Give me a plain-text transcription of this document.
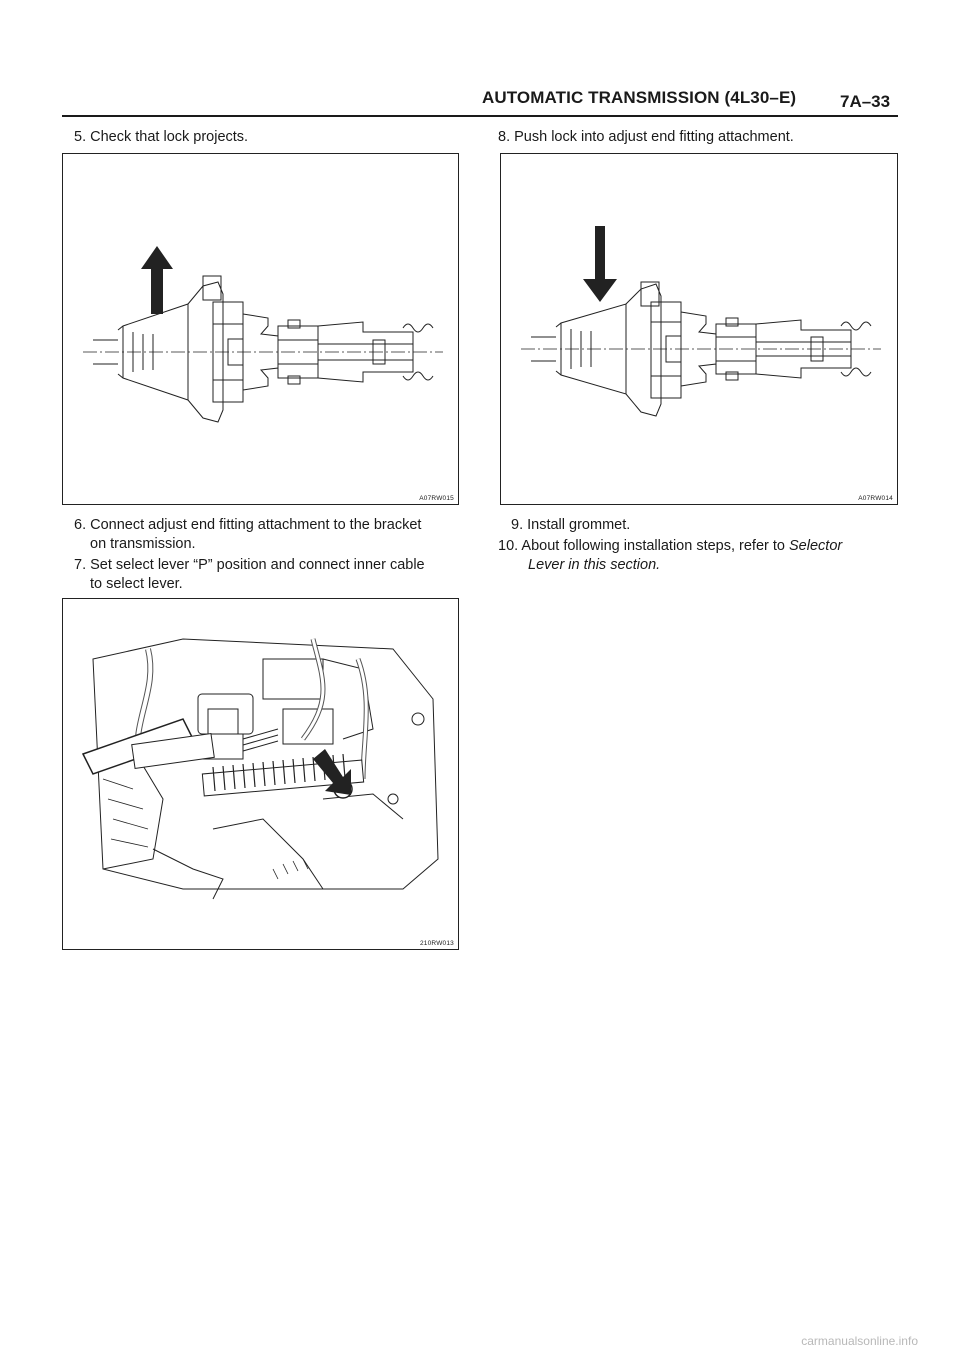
AUTOMATIC TRANSMISSION (4L30–E)	7A–33
5. Check that lock projects.
A07RW015
6. Connect adjust end fitting attachment to the bracket
on transmission.
7. Set select lever “P” position and connect inner cable
to select lever.
210RW013
8. Push lock into adjust end fitting attachment.
A07RW014
9. Install grommet.
10. About following installation steps, refer to Selector
Lever in this section.
carmanualsonline.info
